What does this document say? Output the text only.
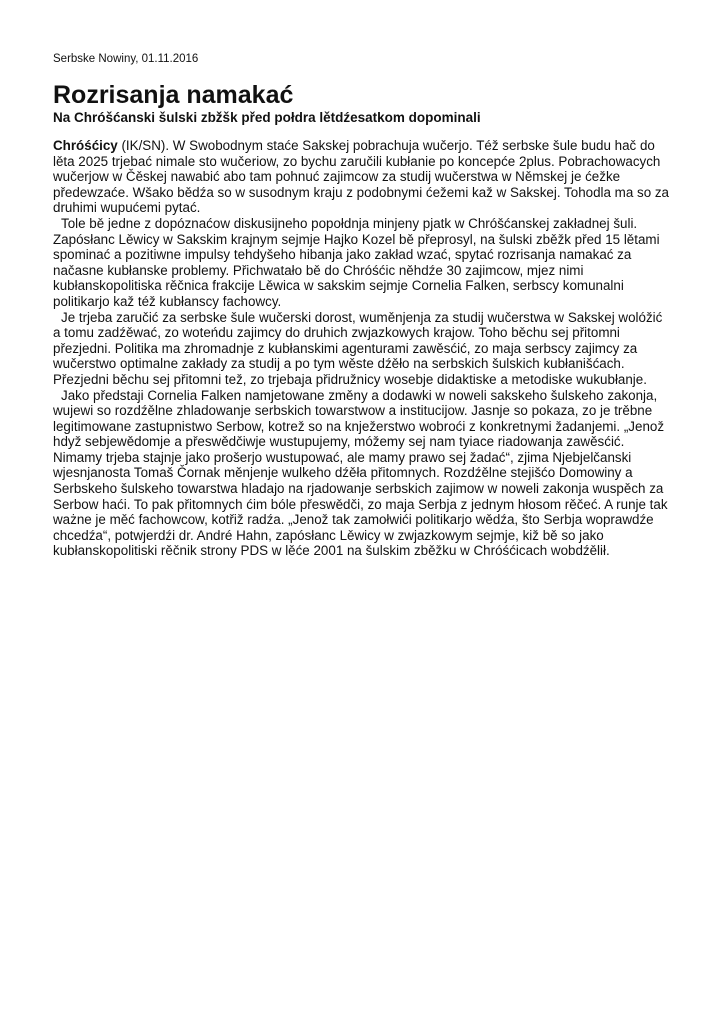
Serbske Nowiny, 01.11.2016
Rozrisanja namakać
Na Chróšćanski šulski zbžšk před połdra lětdźesatkom dopominali

Chróśćicy (IK/SN). W Swobodnym staće Sakskej pobrachuja wučerjo. Též serbske šule budu hač do lěta 2025 trjebać nimale sto wučeriow, zo bychu zaručili kubłanie po koncepće 2plus. Pobrachowacych wučerjow w Čěskej nawabić abo tam pohnuć zajimcow za studij wučerstwa w Němskej je ćežke předewzaće. Wšako bědźa so w susodnym kraju z podobnymi ćežemi kaž w Sakskej. Tohodla ma so za druhimi wupućemi pytać.

Tole bě jedne z dopóznaćow diskusijneho popołdnja minjeny pjatk w Chróšćanskej zakładnej šuli. Zapósłanc Lěwicy w Sakskim krajnym sejmje Hajko Kozel bě přeprosyl, na šulski zběžk před 15 lětami spominać a pozitiwne impulsy tehdyšeho hibanja jako zakład wzać, spytać rozrisanja namakać za načasne kubłanske problemy. Přichwatało bě do Chróśćic něhdźe 30 zajimcow, mjez nimi kubłanskopolitiska rěčnica frakcije Lěwica w sakskim sejmje Cornelia Falken, serbscy komunalni politikarjo kaž též kubłanscy fachowcy.

Je trjeba zaručić za serbske šule wučerski dorost, wuměnjenja za studij wučerstwa w Sakskej wolóžić a tomu zadźěwać, zo woteńdu zajimcy do druhich zwjazkowych krajow. Toho běchu sej přitomni přezjedni. Politika ma zhromadnje z kubłanskimi agenturami zawěsćić, zo maja serbscy zajimcy za wučerstwo optimalne zakłady za studij a po tym wěste dźěło na serbskich šulskich kubłanišćach. Přezjedni běchu sej přitomni tež, zo trjebaja přidružnicy wosebje didaktiske a metodiske wukubłanje.

Jako předstaji Cornelia Falken namjetowane změny a dodawki w noweli sakskeho šulskeho zakonja, wujewi so rozdźělne zhladowanje serbskich towarstwow a institucijow. Jasnje so pokaza, zo je trěbne legitimowane zastupnistwo Serbow, kotrež so na knježerstwo wobroći z konkretnymi žadanjemi. „Jenož hdyž sebjewědomje a přeswědčiwje wustupujemy, móžemy sej nam tyiace riadowanja zawěsćić. Nimamy trjeba stajnje jako prošerjo wustupować, ale mamy prawo sej žadać“, zjima Njebjelčanski wjesnjanosta Tomaš Čornak měnjenje wulkeho dźěła přitomnych. Rozdźělne stejišćo Domowiny a Serbskeho šulskeho towarstwa hladajo na rjadowanje serbskich zajimow w noweli zakonja wuspěch za Serbow haći. To pak přitomnych ćim bóle přeswědči, zo maja Serbja z jednym hłosom rěčeć. A runje tak ważne je měć fachowcow, kotřiž radźa. „Jenož tak zamołwići politikarjo wědźa, što Serbja woprawdźe chcedźa“, potwjerdźi dr. André Hahn, zapósłanc Lěwicy w zwjazkowym sejmje, kiž bě so jako kubłanskopolitiski rěčnik strony PDS w lěće 2001 na šulskim zběžku w Chróśćicach wobdźělił.
